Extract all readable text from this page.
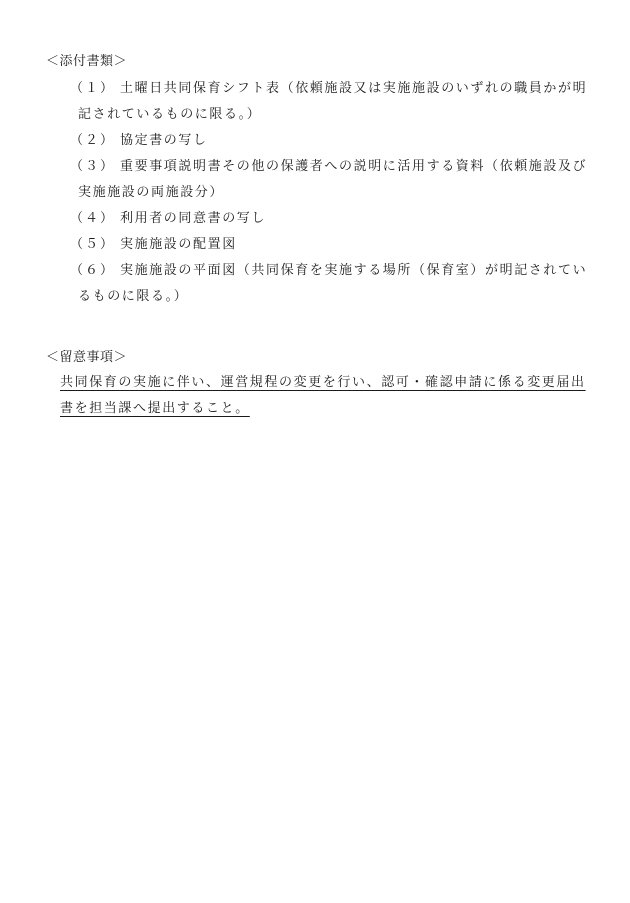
＜添付書類＞
（１） 土曜日共同保育シフト表（依頼施設又は実施施設のいずれの職員かが明
記されているものに限る。）
（２） 協定書の写し
（３） 重要事項説明書その他の保護者への説明に活用する資料（依頼施設及び
実施施設の両施設分）
（４） 利用者の同意書の写し
（５） 実施施設の配置図
（６） 実施施設の平面図（共同保育を実施する場所（保育室）が明記されてい
るものに限る。）
＜留意事項＞
共同保育の実施に伴い、運営規程の変更を行い、認可・確認申請に係る変更届出
書を担当課へ提出すること。
